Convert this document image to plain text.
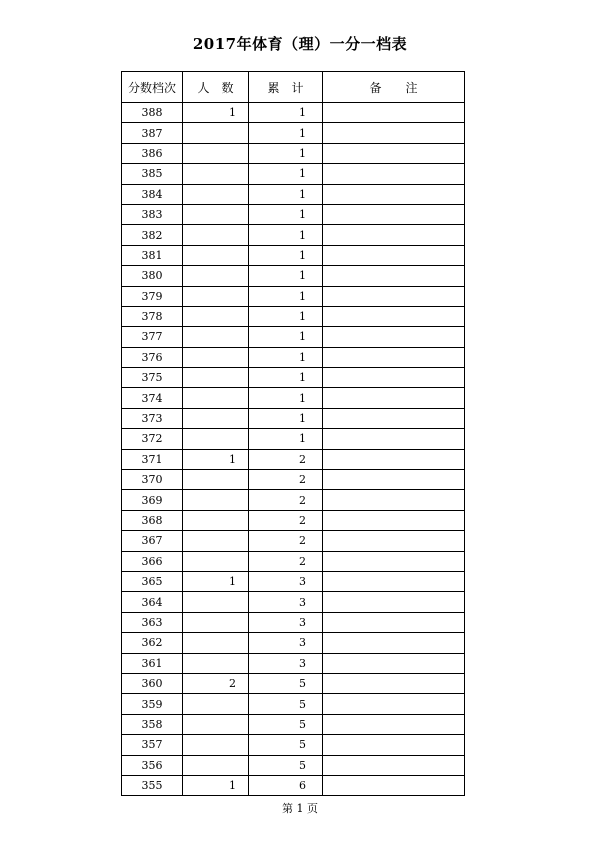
2017年体育（理）一分一档表
分数档次	人　数	累　计	备　　注
388	1	1	
387		1	
386		1	
385		1	
384		1	
383		1	
382		1	
381		1	
380		1	
379		1	
378		1	
377		1	
376		1	
375		1	
374		1	
373		1	
372		1	
371	1	2	
370		2	
369		2	
368		2	
367		2	
366		2	
365	1	3	
364		3	
363		3	
362		3	
361		3	
360	2	5	
359		5	
358		5	
357		5	
356		5	
355	1	6	
第 1 页
